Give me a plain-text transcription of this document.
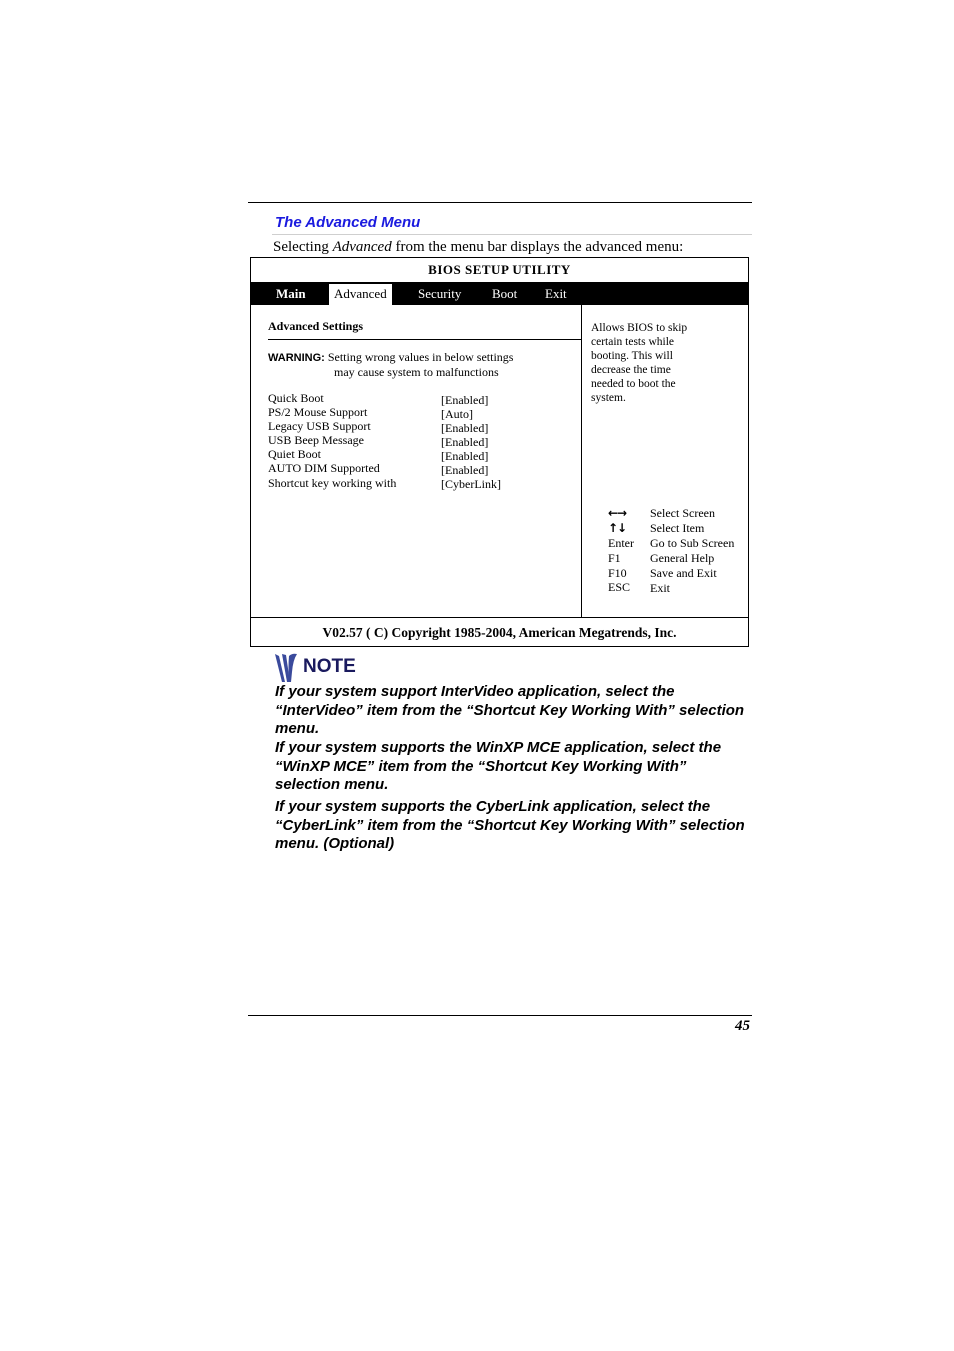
The Advanced Menu
Selecting Advanced from the menu bar displays the advanced menu:
BIOS SETUP UTILITY
Main	Advanced	Security Boot Exit
Advanced Settings
WARNING: Setting wrong values in below settings
may cause system to malfunctions
Quick Boot	[Enabled]
PS/2 Mouse Support	[Auto]
Legacy USB Support	[Enabled]
USB Beep Message	[Enabled]
Quiet Boot	[Enabled]
AUTO DIM Supported	[Enabled]
Shortcut key working with	[CyberLink]
Allows BIOS to skip
certain tests while
booting. This will
decrease the time
needed to boot the
system.
←→ Select Screen
↑↓ Select Item
Enter Go to Sub Screen
F1 General Help
F10 Save and Exit
ESC Exit
V02.57 ( C) Copyright 1985-2004, American Megatrends, Inc.
NOTE
If your system support InterVideo application, select the “InterVideo” item from the “Shortcut Key Working With” selection menu.
If your system supports the WinXP MCE application, select the “WinXP MCE” item from the “Shortcut Key Working With” selection menu.
If your system supports the CyberLink application, select the “CyberLink” item from the “Shortcut Key Working With” selection menu. (Optional)
45
